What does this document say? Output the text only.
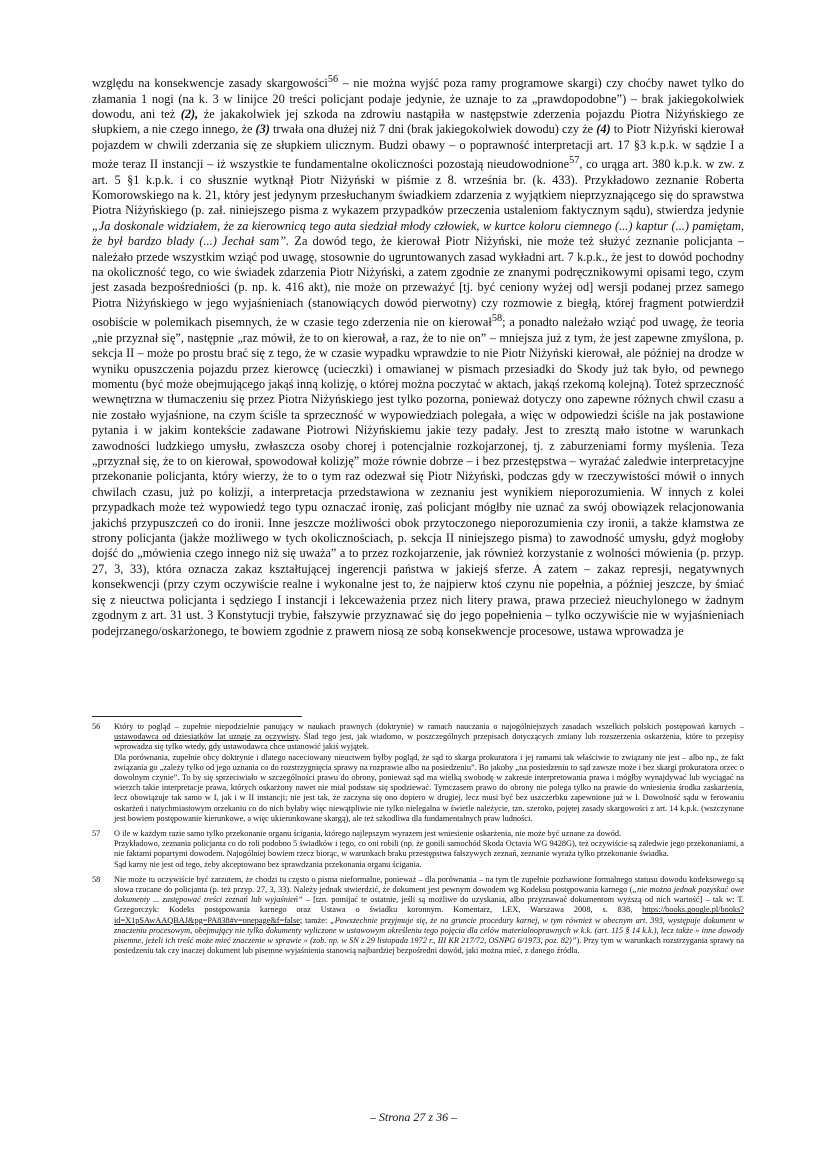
względu na konsekwencje zasady skargowości$^{56}$ – nie można wyjść poza ramy programowe skargi) czy choćby nawet tylko do złamania 1 nogi (na k. 3 w linijce 20 treści policjant podaje jedynie, że uznaje to za „prawdopodobne”) – brak jakiegokolwiek dowodu, ani też (2), że jakakolwiek jej szkoda na zdrowiu nastąpiła w następstwie zderzenia pojazdu Piotra Niżyńskiego ze słupkiem, a nie czego innego, że (3) trwała ona dłużej niż 7 dni (brak jakiegokolwiek dowodu) czy że (4) to Piotr Niżyński kierował pojazdem w chwili zderzania się ze słupkiem ulicznym. Budzi obawy – o poprawność interpretacji art. 17 §3 k.p.k. w sądzie I a może teraz II instancji – iż wszystkie te fundamentalne okoliczności pozostają nieudowodnione$^{57}$, co urąga art. 380 k.p.k. w zw. z art. 5 §1 k.p.k. i co słusznie wytknął Piotr Niżyński w piśmie z 8. września br. (k. 433). Przykładowo zeznanie Roberta Komorowskiego na k. 21, który jest jedynym przesłuchanym świadkiem zdarzenia z wyjątkiem nieprzyznającego się do sprawstwa Piotra Niżyńskiego (p. zał. niniejszego pisma z wykazem przypadków przeczenia ustaleniom faktycznym sądu), stwierdza jedynie „Ja doskonale widziałem, że za kierownicą tego auta siedział młody człowiek, w kurtce koloru ciemnego (...) kaptur (...) pamiętam, że był bardzo blady (...) Jechał sam”. Za dowód tego, że kierował Piotr Niżyński, nie może też służyć zeznanie policjanta – należało przede wszystkim wziąć pod uwagę, stosownie do ugruntowanych zasad wykładni art. 7 k.p.k., że jest to dowód pochodny na okoliczność tego, co wie świadek zdarzenia Piotr Niżyński, a zatem zgodnie ze znanymi podręcznikowymi opisami tego, czym jest zasada bezpośredniości (p. np. k. 416 akt), nie może on przeważyć [tj. być ceniony wyżej od] wersji podanej przez samego Piotra Niżyńskiego w jego wyjaśnieniach (stanowiących dowód pierwotny) czy rozmowie z biegłą, której fragment potwierdził osobiście w polemikach pisemnych, że w czasie tego zderzenia nie on kierował$^{58}$; a ponadto należało wziąć pod uwagę, że teoria „nie przyznał się”, następnie „raz mówił, że to on kierował, a raz, że to nie on” – mniejsza już z tym, że jest zapewne zmyślona, p. sekcja II – może po prostu brać się z tego, że w czasie wypadku wprawdzie to nie Piotr Niżyński kierował, ale później na drodze w wyniku opuszczenia pojazdu przez kierowcę (ucieczki) i omawianej w pismach przesiadki do Skody już tak było, od pewnego momentu (być może obejmującego jakąś inną kolizję, o której można poczytać w aktach, jakąś rzekomą kolejną). Toteż sprzeczność wewnętrzna w tłumaczeniu się przez Piotra Niżyńskiego jest tylko pozorna, ponieważ dotyczy ono zapewne różnych chwil czasu a nie zostało wyjaśnione, na czym ściśle ta sprzeczność w wypowiedziach polegała, a więc w odpowiedzi ściśle na jak postawione pytania i w jakim kontekście zadawane Piotrowi Niżyńskiemu jakie tezy padały. Jest to zresztą mało istotne w warunkach zawodności ludzkiego umysłu, zwłaszcza osoby chorej i potencjalnie rozkojarzonej, tj. z zaburzeniami formy myślenia. Teza „przyznał się, że to on kierował, spowodował kolizję” może równie dobrze – i bez przestępstwa – wyrażać zaledwie interpretacyjne przekonanie policjanta, który wierzy, że to o tym raz odezwał się Piotr Niżyński, podczas gdy w rzeczywistości mówił o innych chwilach czasu, już po kolizji, a interpretacja przedstawiona w zeznaniu jest wynikiem nieporozumienia. W innych z kolei przypadkach może też wypowiedź tego typu oznaczać ironię, zaś policjant mógłby nie uznać za swój obowiązek relacjonowania jakichś przypuszczeń co do ironii. Inne jeszcze możliwości obok przytoczonego nieporozumienia czy ironii, a także kłamstwa ze strony policjanta (jakże możliwego w tych okolicznościach, p. sekcja II niniejszego pisma) to zawodność umysłu, gdyż mogłoby dojść do „mówienia czego innego niż się uważa” a to przez rozkojarzenie, jak również korzystanie z wolności mówienia (p. przyp. 27, 3, 33), która oznacza zakaz kształtującej ingerencji państwa w jakiejś sferze. A zatem – zakaz represji, negatywnych konsekwencji (przy czym oczywiście realne i wykonalne jest to, że najpierw ktoś czynu nie popełnia, a później jeszcze, by śmiać się z nieuctwa policjanta i sędziego I instancji i lekceważenia przez nich litery prawa, prawa przecież nieuchylonego w żadnym zgodnym z art. 31 ust. 3 Konstytucji trybie, fałszywie przyznawać się do jego popełnienia – tylko oczywiście nie w wyjaśnieniach podejrzanego/oskarżonego, te bowiem zgodnie z prawem niosą ze sobą konsekwencje procesowe, ustawa wprowadza je

56 Który to pogląd – zupełnie niepodzielnie panujący w naukach prawnych (doktrynie) w ramach nauczania o najogólniejszych zasadach wszelkich polskich postępowań karnych – ustawodawca od dziesiątków lat uznaje za oczywisty. Ślad tego jest, jak wiadomo, w poszczególnych przepisach dotyczących zmiany lub rozszerzenia oskarżenia, które to przepisy wprowadza się tylko wtedy, gdy ustawodawca chce ustanowić jakiś wyjątek.

Dla porównania, zupełnie obcy doktrynie i dlatego naceciowany nieuctwem byłby pogląd, że sąd to skarga prokuratora i jej ramami tak właściwie to związany nie jest – albo np., że fakt związania go „zależy tylko od jego uznania co do rozstrzygnięcia sprawy na rozprawie albo na posiedzeniu”. Bo jakoby „na posiedzeniu to sąd zawsze może i bez skargi prokuratora orzec o dowolnym czynie”. To by się sprzeciwiało w szczególności prawu do obrony, ponieważ sąd ma wielką swobodę w zakresie interpretowania prawa i mógłby wynajdywać lub wyciągać na wierzch takie interpretacje prawa, których oskarżony nawet nie miał podstaw się spodziewać. Tymczasem prawo do obrony nie polega tylko na prawie do wniesienia środka zaskarżenia, lecz obowiązuje tak samo w I, jak i w II instancji; nie jest tak, że zaczyna się ono dopiero w drugiej, lecz musi być bez uszczerbku zapewnione już w I. Dowolność sądu w ferowaniu oskarżeń i natychmiastowym orzekaniu co do nich byłaby więc niewątpliwie nie tylko nielegalna w świetle należycie, tzn. szeroko, pojętej zasady skargowości z art. 14 k.p.k. (wszczynane jest bowiem postępowanie kierunkowe, a więc ukierunkowane skargą), ale też szkodliwa dla fundamentalnych praw ludności.

57 O ile w każdym razie samo tylko przekonanie organu ścigania, którego najlepszym wyrazem jest wniesienie oskarżenia, nie może być uznane za dowód.

Przykładowo, zeznania policjanta co do roli podobno 5 świadków i tego, co oni robili (np. że gonili samochód Skoda Octavia WG 9428G), też oczywiście są zaledwie jego przekonaniami, a nie faktami popartymi dowodem. Najogólniej bowiem rzecz biorąc, w warunkach braku przestępstwa fałszywych zeznań, zeznanie wyraża tylko przekonanie świadka.

Sąd karny nie jest od tego, żeby akceptowano bez sprawdzania przekonania organu ścigania.

58 Nie może tu oczywiście być zarzutem, że chodzi tu często o pisma nieformalne, ponieważ – dla porównania – na tym tle zupełnie pozbawione formalnego statusu dowodu kodeksowego są słowa rzucane do policjanta (p. też przyp. 27, 3, 33). Należy jednak stwierdzić, że dokument jest pewnym dowodem wg Kodeksu postępowania karnego („nie można jednak pozyskać owe dokumenty ... zastępować treści zeznań lub wyjaśnień” – [tzn. pomijać te ostatnie, jeśli są możliwe do uzyskania, albo przyznawać dokumentom wyższą od nich wartość] – tak w: T. Grzegorczyk: Kodeks postępowania karnego oraz Ustawa o świadku koronnym. Komentarz, LEX, Warszawa 2008, s. 838, https://books.google.pl/books?id=X1pSAwAAQBAJ&pg=PA838#v=onepage&f=false; tamże: „Powszechnie przyjmuje się, że na gruncie procedury karnej, w tym również w obecnym art. 393, występuje dokument w znaczeniu procesowym, obejmujący nie tylko dokumenty wyliczone w ustawowym określeniu tego pojęcia dla celów materialnoprawnych w k.k. (art. 115 § 14 k.k.), lecz także » inne dowody pisemne, jeżeli ich treść może mieć znaczenie w sprawie « (zob. np. w SN z 29 listopada 1972 r., III KR 217/72, OSNPG 6/1973, poz. 82)”). Przy tym w warunkach rozstrzygania sprawy na posiedzeniu tak czy inaczej dokument lub pisemne wyjaśnienia stanowią najbardziej bezpośredni dowód, jaki można mieć, z danego źródła.

– Strona 27 z 36 –
